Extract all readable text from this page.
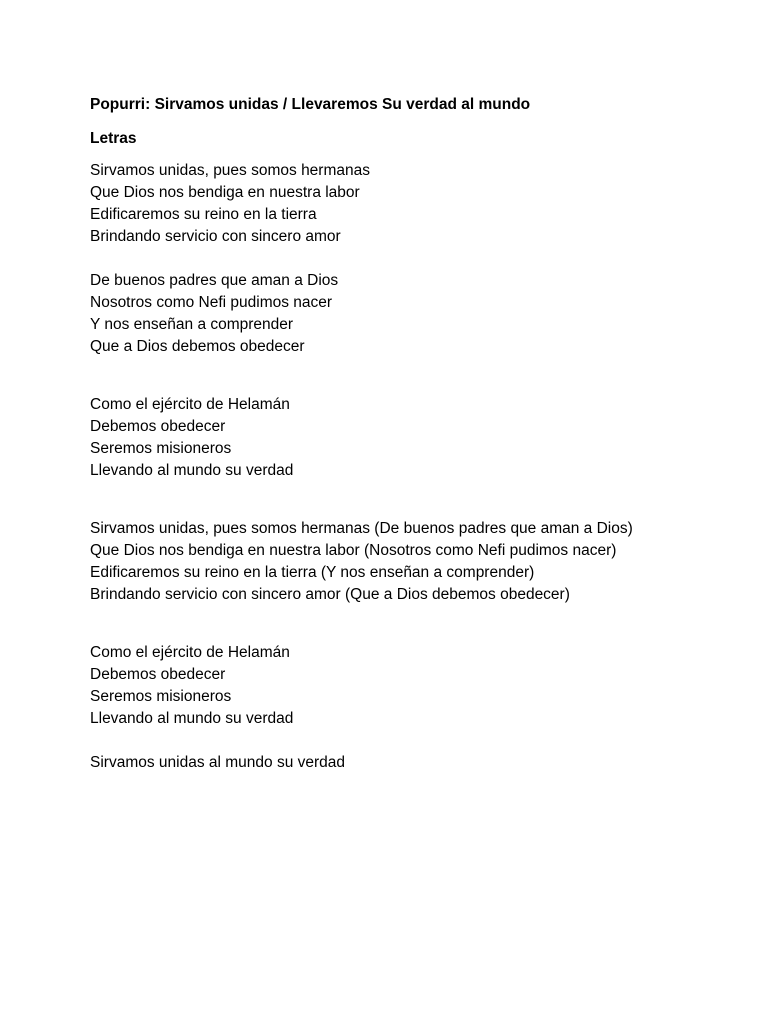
Popurri: Sirvamos unidas / Llevaremos Su verdad al mundo
Letras
Sirvamos unidas, pues somos hermanas
Que Dios nos bendiga en nuestra labor
Edificaremos su reino en la tierra
Brindando servicio con sincero amor
De buenos padres que aman a Dios
Nosotros como Nefi pudimos nacer
Y nos enseñan a comprender
Que a Dios debemos obedecer
Como el ejército de Helamán
Debemos obedecer
Seremos misioneros
Llevando al mundo su verdad
Sirvamos unidas, pues somos hermanas (De buenos padres que aman a Dios)
Que Dios nos bendiga en nuestra labor (Nosotros como Nefi pudimos nacer)
Edificaremos su reino en la tierra (Y nos enseñan a comprender)
Brindando servicio con sincero amor (Que a Dios debemos obedecer)
Como el ejército de Helamán
Debemos obedecer
Seremos misioneros
Llevando al mundo su verdad
Sirvamos unidas al mundo su verdad
